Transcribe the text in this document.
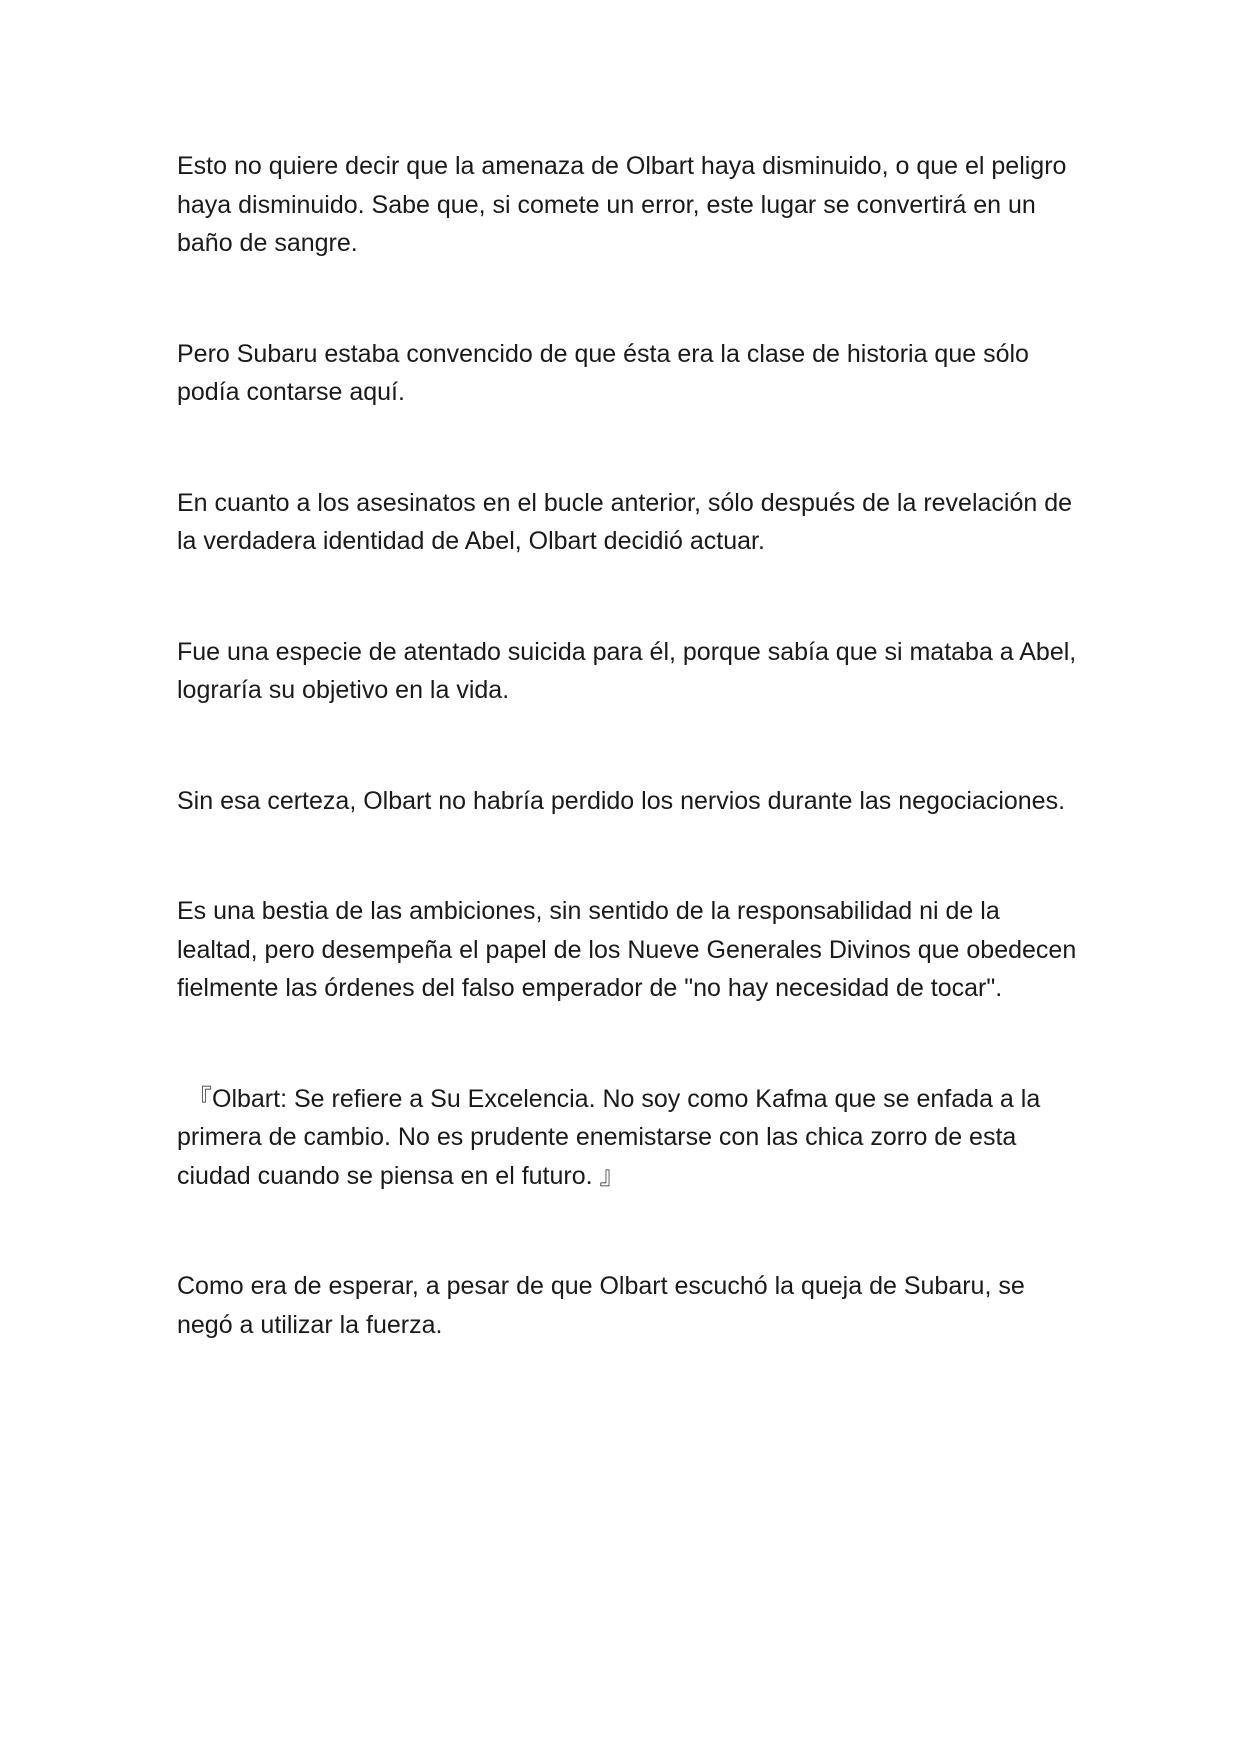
Esto no quiere decir que la amenaza de Olbart haya disminuido, o que el peligro haya disminuido. Sabe que, si comete un error, este lugar se convertirá en un baño de sangre.

Pero Subaru estaba convencido de que ésta era la clase de historia que sólo podía contarse aquí.

En cuanto a los asesinatos en el bucle anterior, sólo después de la revelación de la verdadera identidad de Abel, Olbart decidió actuar.

Fue una especie de atentado suicida para él, porque sabía que si mataba a Abel, lograría su objetivo en la vida.

Sin esa certeza, Olbart no habría perdido los nervios durante las negociaciones.

Es una bestia de las ambiciones, sin sentido de la responsabilidad ni de la lealtad, pero desempeña el papel de los Nueve Generales Divinos que obedecen fielmente las órdenes del falso emperador de "no hay necesidad de tocar".

『Olbart: Se refiere a Su Excelencia. No soy como Kafma que se enfada a la primera de cambio. No es prudente enemistarse con las chica zorro de esta ciudad cuando se piensa en el futuro. 』

Como era de esperar, a pesar de que Olbart escuchó la queja de Subaru, se negó a utilizar la fuerza.
